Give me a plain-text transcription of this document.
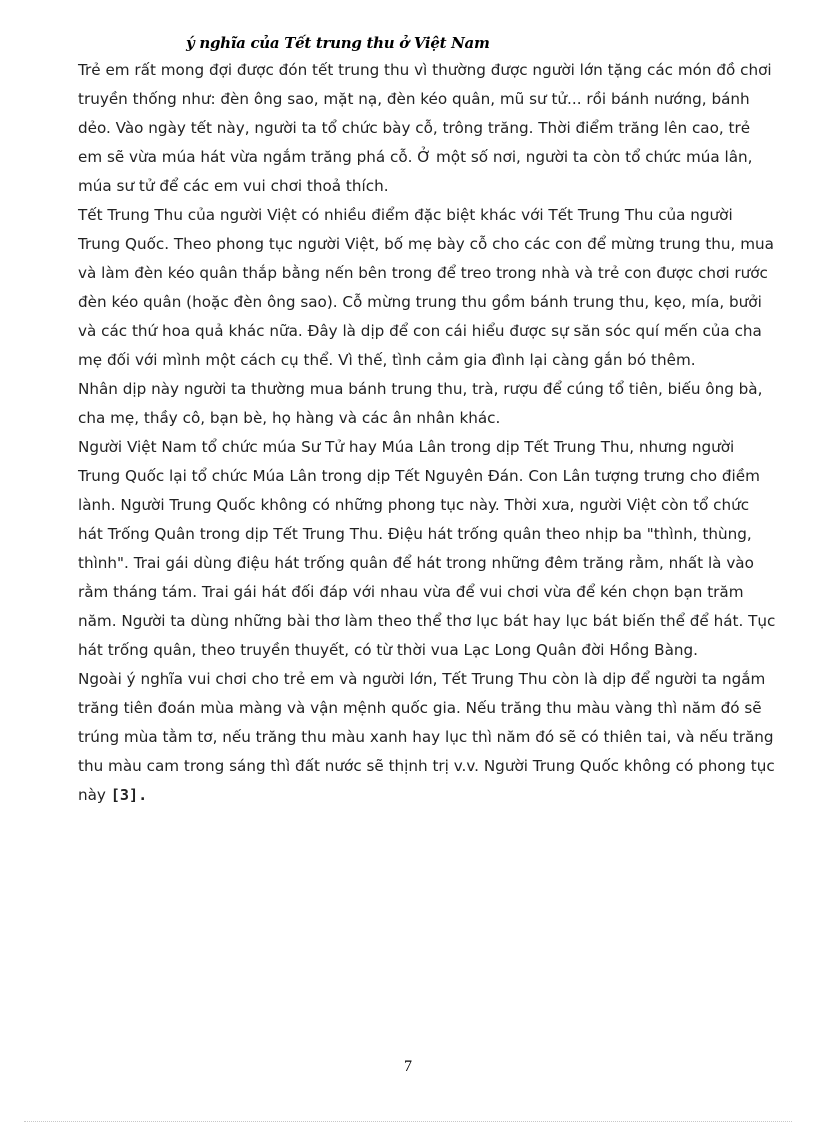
ý nghĩa của Tết trung thu ở Việt Nam

Trẻ em rất mong đợi được đón tết trung thu vì thường được người lớn tặng các món đồ chơi truyền thống như: đèn ông sao, mặt nạ, đèn kéo quân, mũ sư tử... rồi bánh nướng, bánh dẻo. Vào ngày tết này, người ta tổ chức bày cỗ, trông trăng. Thời điểm trăng lên cao, trẻ em sẽ vừa múa hát vừa ngắm trăng phá cỗ. Ở một số nơi, người ta còn tổ chức múa lân, múa sư tử để các em vui chơi thoả thích.

Tết Trung Thu của người Việt có nhiều điểm đặc biệt khác với Tết Trung Thu của người Trung Quốc. Theo phong tục người Việt, bố mẹ bày cỗ cho các con để mừng trung thu, mua và làm đèn kéo quân thắp bằng nến bên trong để treo trong nhà và trẻ con được chơi rước đèn kéo quân (hoặc đèn ông sao). Cỗ mừng trung thu gồm bánh trung thu, kẹo, mía, bưởi và các thứ hoa quả khác nữa. Đây là dịp để con cái hiểu được sự săn sóc quí mến của cha mẹ đối với mình một cách cụ thể. Vì thế, tình cảm gia đình lại càng gắn bó thêm.

Nhân dịp này người ta thường mua bánh trung thu, trà, rượu để cúng tổ tiên, biếu ông bà, cha mẹ, thầy cô, bạn bè, họ hàng và các ân nhân khác.

Người Việt Nam tổ chức múa Sư Tử hay Múa Lân trong dịp Tết Trung Thu, nhưng người Trung Quốc lại tổ chức Múa Lân trong dịp Tết Nguyên Đán. Con Lân tượng trưng cho điềm lành. Người Trung Quốc không có những phong tục này. Thời xưa, người Việt còn tổ chức hát Trống Quân trong dịp Tết Trung Thu. Điệu hát trống quân theo nhịp ba "thình, thùng, thình". Trai gái dùng điệu hát trống quân để hát trong những đêm trăng rằm, nhất là vào rằm tháng tám. Trai gái hát đối đáp với nhau vừa để vui chơi vừa để kén chọn bạn trăm năm. Người ta dùng những bài thơ làm theo thể thơ lục bát hay lục bát biến thể để hát. Tục hát trống quân, theo truyền thuyết, có từ thời vua Lạc Long Quân đời Hồng Bàng.

Ngoài ý nghĩa vui chơi cho trẻ em và người lớn, Tết Trung Thu còn là dịp để người ta ngắm trăng tiên đoán mùa màng và vận mệnh quốc gia. Nếu trăng thu màu vàng thì năm đó sẽ trúng mùa tằm tơ, nếu trăng thu màu xanh hay lục thì năm đó sẽ có thiên tai, và nếu trăng thu màu cam trong sáng thì đất nước sẽ thịnh trị v.v. Người Trung Quốc không có phong tục này [3].

7
